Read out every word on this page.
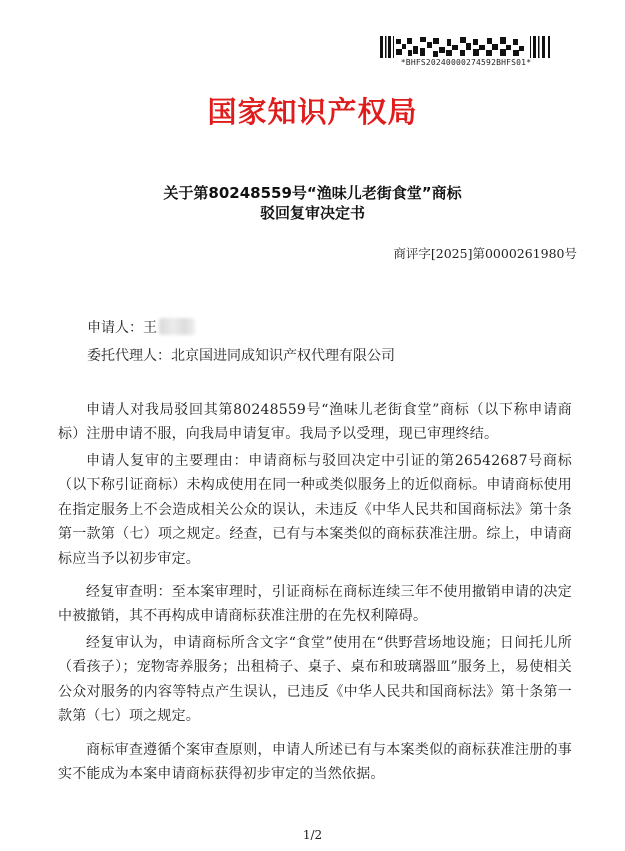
*BHFS20240000274592BHFS01*
国家知识产权局
关于第80248559号“渔味儿老街食堂”商标
驳回复审决定书
商评字[2025]第0000261980号
申请人：王
委托代理人：北京国进同成知识产权代理有限公司

申请人对我局驳回其第80248559号“渔味儿老街食堂”商标（以下称申请商标）注册申请不服，向我局申请复审。我局予以受理，现已审理终结。

申请人复审的主要理由：申请商标与驳回决定中引证的第26542687号商标（以下称引证商标）未构成使用在同一种或类似服务上的近似商标。申请商标使用在指定服务上不会造成相关公众的误认，未违反《中华人民共和国商标法》第十条第一款第（七）项之规定。经查，已有与本案类似的商标获准注册。综上，申请商标应当予以初步审定。

经复审查明：至本案审理时，引证商标在商标连续三年不使用撤销申请的决定中被撤销，其不再构成申请商标获准注册的在先权利障碍。

经复审认为，申请商标所含文字“食堂”使用在“供野营场地设施；日间托儿所（看孩子）；宠物寄养服务；出租椅子、桌子、桌布和玻璃器皿”服务上，易使相关公众对服务的内容等特点产生误认，已违反《中华人民共和国商标法》第十条第一款第（七）项之规定。

商标审查遵循个案审查原则，申请人所述已有与本案类似的商标获准注册的事实不能成为本案申请商标获得初步审定的当然依据。

1/2
